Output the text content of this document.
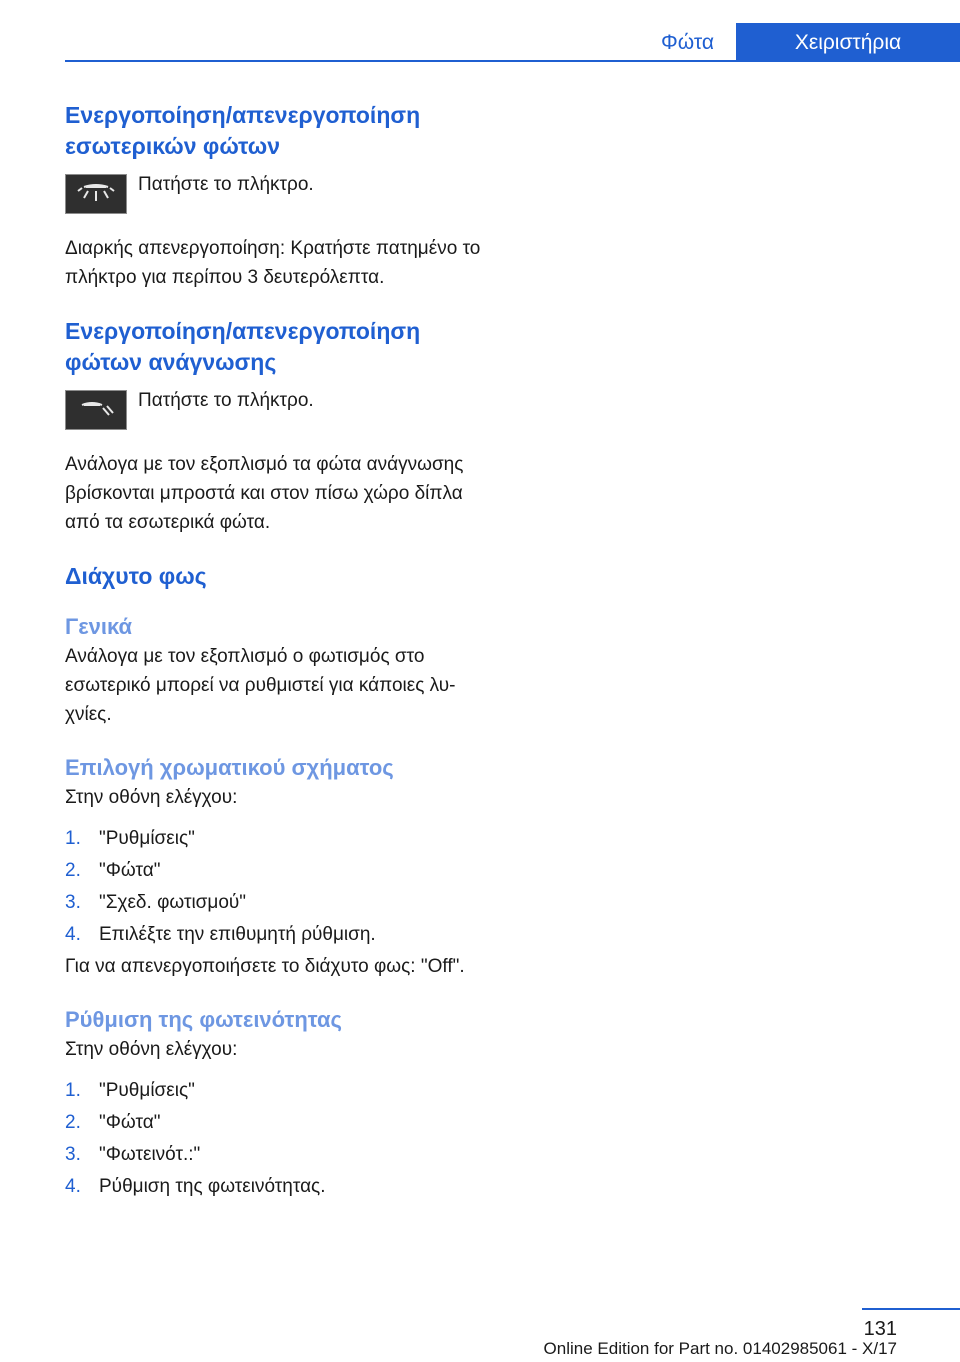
Φώτα	Χειριστήρια
Ενεργοποίηση/απενεργοποίηση εσωτερικών φώτων

Πατήστε το πλήκτρο.

Διαρκής απενεργοποίηση: Κρατήστε πατημένο το πλήκτρο για περίπου 3 δευτερόλεπτα.

Ενεργοποίηση/απενεργοποίηση φώτων ανάγνωσης

Πατήστε το πλήκτρο.

Ανάλογα με τον εξοπλισμό τα φώτα ανάγνωσης βρίσκονται μπροστά και στον πίσω χώρο δίπλα από τα εσωτερικά φώτα.

Διάχυτο φως
Γενικά

Ανάλογα με τον εξοπλισμό ο φωτισμός στο εσωτερικό μπορεί να ρυθμιστεί για κάποιες λυχνίες.

Επιλογή χρωματικού σχήματος

Στην οθόνη ελέγχου:

1. "Ρυθμίσεις"
2. "Φώτα"
3. "Σχεδ. φωτισμού"
4. Επιλέξτε την επιθυμητή ρύθμιση.

Για να απενεργοποιήσετε το διάχυτο φως: "Off".

Ρύθμιση της φωτεινότητας

Στην οθόνη ελέγχου:

1. "Ρυθμίσεις"
2. "Φώτα"
3. "Φωτεινότ.:"
4. Ρύθμιση της φωτεινότητας.
131
Online Edition for Part no. 01402985061 - X/17
